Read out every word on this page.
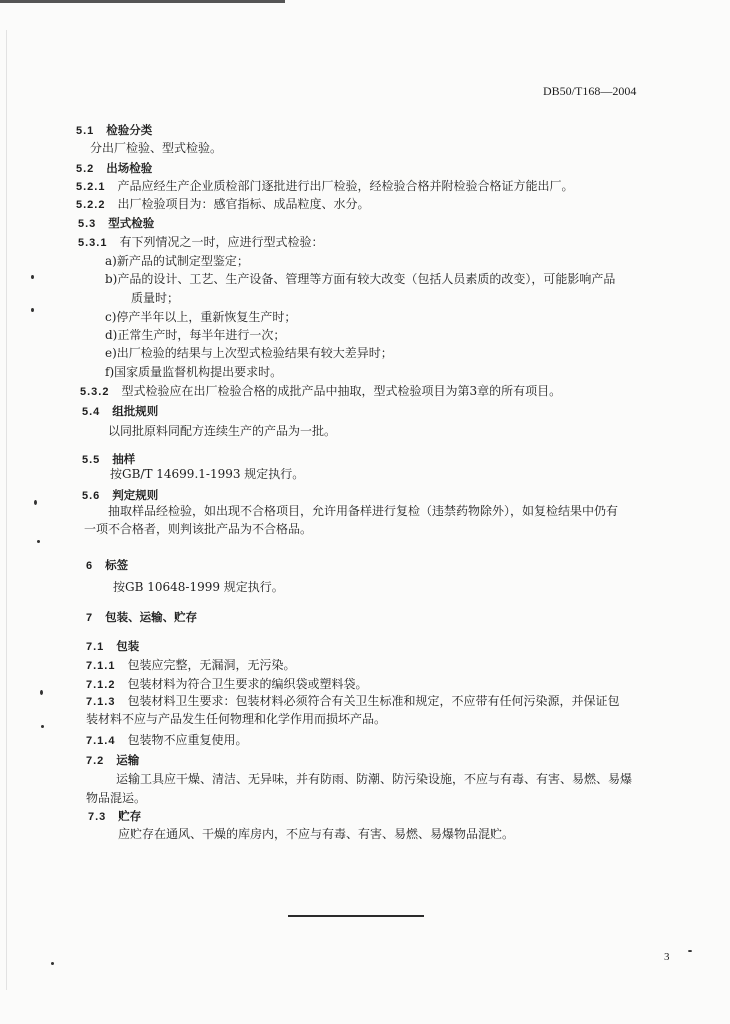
DB50/T168—2004
5.1 检验分类
分出厂检验、型式检验。
5.2 出场检验
5.2.1 产品应经生产企业质检部门逐批进行出厂检验，经检验合格并附检验合格证方能出厂。
5.2.2 出厂检验项目为：感官指标、成品粒度、水分。
5.3 型式检验
5.3.1 有下列情况之一时，应进行型式检验：
a)新产品的试制定型鉴定；
b)产品的设计、工艺、生产设备、管理等方面有较大改变（包括人员素质的改变），可能影响产品
质量时；
c)停产半年以上，重新恢复生产时；
d)正常生产时，每半年进行一次；
e)出厂检验的结果与上次型式检验结果有较大差异时；
f)国家质量监督机构提出要求时。
5.3.2 型式检验应在出厂检验合格的成批产品中抽取，型式检验项目为第3章的所有项目。
5.4 组批规则
以同批原料同配方连续生产的产品为一批。
5.5 抽样
按GB/T 14699.1-1993 规定执行。
5.6 判定规则
抽取样品经检验，如出现不合格项目，允许用备样进行复检（违禁药物除外），如复检结果中仍有
一项不合格者，则判该批产品为不合格品。
6 标签
按GB 10648-1999 规定执行。
7 包装、运输、贮存
7.1 包装
7.1.1 包装应完整，无漏洞，无污染。
7.1.2 包装材料为符合卫生要求的编织袋或塑料袋。
7.1.3 包装材料卫生要求：包装材料必须符合有关卫生标准和规定，不应带有任何污染源，并保证包
装材料不应与产品发生任何物理和化学作用而损坏产品。
7.1.4 包装物不应重复使用。
7.2 运输
运输工具应干燥、清洁、无异味，并有防雨、防潮、防污染设施，不应与有毒、有害、易燃、易爆
物品混运。
7.3 贮存
应贮存在通风、干燥的库房内，不应与有毒、有害、易燃、易爆物品混贮。
3
